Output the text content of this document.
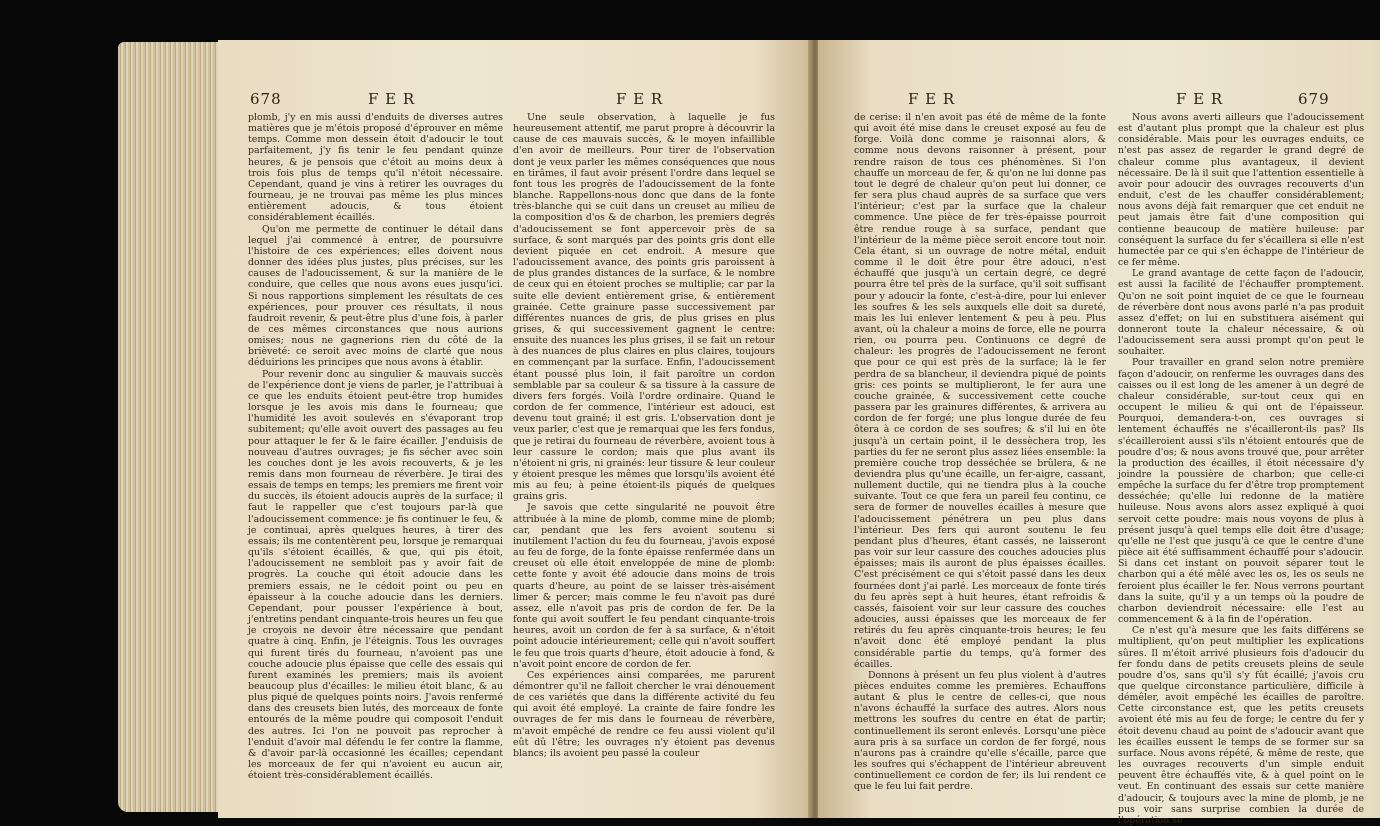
678	F E R	F E R

plomb, j'y en mis aussi d'enduits de diverses autres matières que je m'étois proposé d'éprouver en même temps. Comme mon dessein étoit d'adoucir le tout parfaitement, j'y fis tenir le feu pendant quinze heures, & je pensois que c'étoit au moins deux à trois fois plus de temps qu'il n'étoit nécessaire. Cependant, quand je vins à retirer les ouvrages du fourneau, je ne trouvai pas même les plus minces entièrement adoucis, & tous étoient considérablement écaillés.

Qu'on me permette de continuer le détail dans lequel j'ai commencé à entrer, de poursuivre l'histoire de ces expériences; elles doivent nous donner des idées plus justes, plus précises, sur les causes de l'adoucissement, & sur la manière de le conduire, que celles que nous avons eues jusqu'ici. Si nous rapportions simplement les résultats de ces expériences, pour prouver ces résultats, il nous faudroit revenir, & peut-être plus d'une fois, à parler de ces mêmes circonstances que nous aurions omises; nous ne gagnerions rien du côté de la brièveté: ce seroit avec moins de clarté que nous déduirions les principes que nous avons à établir.

Pour revenir donc au singulier & mauvais succès de l'expérience dont je viens de parler, je l'attribuai à ce que les enduits étoient peut-être trop humides lorsque je les avois mis dans le fourneau; que l'humidité les avoit soulevés en s'évaporant trop subitement; qu'elle avoit ouvert des passages au feu pour attaquer le fer & le faire écailler. J'enduisis de nouveau d'autres ouvrages; je fis sécher avec soin les couches dont je les avois recouverts, & je les remis dans mon fourneau de réverbère. Je tirai des essais de temps en temps; les premiers me firent voir du succès, ils étoient adoucis auprès de la surface; il faut le rappeller que c'est toujours par-là que l'adoucissement commence: je fis continuer le feu, & je continuai, après quelques heures, à tirer des essais; ils me contentèrent peu, lorsque je remarquai qu'ils s'étoient écaillés, & que, qui pis étoit, l'adoucissement ne sembloit pas y avoir fait de progrès. La couche qui étoit adoucie dans les premiers essais, ne le cédoit point ou peu en épaisseur à la couche adoucie dans les derniers. Cependant, pour pousser l'expérience à bout, j'entretins pendant cinquante-trois heures un feu que je croyois ne devoir être nécessaire que pendant quatre à cinq. Enfin, je l'éteignis. Tous les ouvrages qui furent tirés du fourneau, n'avoient pas une couche adoucie plus épaisse que celle des essais qui furent examinés les premiers; mais ils avoient beaucoup plus d'écailles: le milieu étoit blanc, & au plus piqué de quelques points noirs. J'avois renfermé dans des creusets bien lutés, des morceaux de fonte entourés de la même poudre qui composoit l'enduit des autres. Ici l'on ne pouvoit pas reprocher à l'enduit d'avoir mal défendu le fer contre la flamme, & d'avoir par-là occasionné les écailles; cependant les morceaux de fer qui n'avoient eu aucun air, étoient très-considérablement écaillés.

Une seule observation, à laquelle je fus heureusement attentif, me parut propre à découvrir la cause de ces mauvais succès, & le moyen infaillible d'en avoir de meilleurs. Pour tirer de l'observation dont je veux parler les mêmes conséquences que nous en tirâmes, il faut avoir présent l'ordre dans lequel se font tous les progrès de l'adoucissement de la fonte blanche. Rappellons-nous donc que dans de la fonte très-blanche qui se cuit dans un creuset au milieu de la composition d'os & de charbon, les premiers degrés d'adoucissement se font appercevoir près de sa surface, & sont marqués par des points gris dont elle devient piquée en cet endroit. A mesure que l'adoucissement avance, des points gris paroissent à de plus grandes distances de la surface, & le nombre de ceux qui en étoient proches se multiplie; car par la suite elle devient entièrement grise, & entièrement grainée. Cette grainure passe successivement par différentes nuances de gris, de plus grises en plus grises, & qui successivement gagnent le centre: ensuite des nuances les plus grises, il se fait un retour à des nuances de plus claires en plus claires, toujours en commençant par la surface. Enfin, l'adoucissement étant poussé plus loin, il fait paroître un cordon semblable par sa couleur & sa tissure à la cassure de divers fers forgés. Voilà l'ordre ordinaire. Quand le cordon de fer commence, l'intérieur est adouci, est devenu tout grainé; il est gris. L'observation dont je veux parler, c'est que je remarquai que les fers fondus, que je retirai du fourneau de réverbère, avoient tous à leur cassure le cordon; mais que plus avant ils n'étoient ni gris, ni grainés: leur tissure & leur couleur y étoient presque les mêmes que lorsqu'ils avoient été mis au feu; à peine étoient-ils piqués de quelques grains gris.

Je savois que cette singularité ne pouvoit être attribuée à la mine de plomb, comme mine de plomb; car, pendant que les fers avoient soutenu si inutilement l'action du feu du fourneau, j'avois exposé au feu de forge, de la fonte épaisse renfermée dans un creuset où elle étoit enveloppée de mine de plomb: cette fonte y avoit été adoucie dans moins de trois quarts d'heure, au point de se laisser très-aisément limer & percer; mais comme le feu n'avoit pas duré assez, elle n'avoit pas pris de cordon de fer. De la fonte qui avoit souffert le feu pendant cinquante-trois heures, avoit un cordon de fer à sa surface, & n'étoit point adoucie intérieurement; celle qui n'avoit souffert le feu que trois quarts d'heure, étoit adoucie à fond, & n'avoit point encore de cordon de fer.

Ces expériences ainsi comparées, me parurent démontrer qu'il ne falloit chercher le vrai dénouement de ces variétés que dans la différente activité du feu qui avoit été employé. La crainte de faire fondre les ouvrages de fer mis dans le fourneau de réverbère, m'avoit empêché de rendre ce feu aussi violent qu'il eût dû l'être; les ouvrages n'y étoient pas devenus blancs; ils avoient peu passé la couleur

F E R	F E R	679

de cerise: il n'en avoit pas été de même de la fonte qui avoit été mise dans le creuset exposé au feu de forge. Voilà donc comme je raisonnai alors, & comme nous devons raisonner à présent, pour rendre raison de tous ces phénomènes. Si l'on chauffe un morceau de fer, & qu'on ne lui donne pas tout le degré de chaleur qu'on peut lui donner, ce fer sera plus chaud auprès de sa surface que vers l'intérieur; c'est par la surface que la chaleur commence. Une pièce de fer très-épaisse pourroit être rendue rouge à sa surface, pendant que l'intérieur de la même pièce seroit encore tout noir. Cela étant, si un ouvrage de notre métal, enduit comme il le doit être pour être adouci, n'est échauffé que jusqu'à un certain degré, ce degré pourra être tel près de la surface, qu'il soit suffisant pour y adoucir la fonte, c'est-à-dire, pour lui enlever les soufres & les sels auxquels elle doit sa dureté, mais les lui enlever lentement & peu à peu. Plus avant, où la chaleur a moins de force, elle ne pourra rien, ou pourra peu. Continuons ce degré de chaleur: les progrès de l'adoucissement ne feront que pour ce qui est près de la surface; là le fer perdra de sa blancheur, il deviendra piqué de points gris: ces points se multiplieront, le fer aura une couche grainée, & successivement cette couche passera par les grainures différentes, & arrivera au cordon de fer forgé; une plus longue durée de feu ôtera à ce cordon de ses soufres; & s'il lui en ôte jusqu'à un certain point, il le dessèchera trop, les parties du fer ne seront plus assez liées ensemble: la première couche trop desséchée se brûlera, & ne deviendra plus qu'une écaille, un fer-aigre, cassant, nullement ductile, qui ne tiendra plus à la couche suivante. Tout ce que fera un pareil feu continu, ce sera de former de nouvelles écailles à mesure que l'adoucissement pénétrera un peu plus dans l'intérieur. Des fers qui auront soutenu le feu pendant plus d'heures, étant cassés, ne laisseront pas voir sur leur cassure des couches adoucies plus épaisses; mais ils auront de plus épaisses écailles. C'est précisément ce qui s'étoit passé dans les deux fournées dont j'ai parlé. Les morceaux de fonte tirés du feu après sept à huit heures, étant refroidis & cassés, faisoient voir sur leur cassure des couches adoucies, aussi épaisses que les morceaux de fer retirés du feu après cinquante-trois heures; le feu n'avoit donc été employé pendant la plus considérable partie du temps, qu'à former des écailles.

Donnons à présent un feu plus violent à d'autres pièces enduites comme les premières. Echauffons autant & plus le centre de celles-ci, que nous n'avons échauffé la surface des autres. Alors nous mettrons les soufres du centre en état de partir; continuellement ils seront enlevés. Lorsqu'une pièce aura pris à sa surface un cordon de fer forgé, nous n'aurons pas à craindre qu'elle s'écaille, parce que les soufres qui s'échappent de l'intérieur abreuvent continuellement ce cordon de fer; ils lui rendent ce que le feu lui fait perdre.

Nous avons averti ailleurs que l'adoucissement est d'autant plus prompt que la chaleur est plus considérable. Mais pour les ouvrages enduits, ce n'est pas assez de regarder le grand degré de chaleur comme plus avantageux, il devient nécessaire. De là il suit que l'attention essentielle à avoir pour adoucir des ouvrages recouverts d'un enduit, c'est de les chauffer considérablement; nous avons déjà fait remarquer que cet enduit ne peut jamais être fait d'une composition qui contienne beaucoup de matière huileuse: par conséquent la surface du fer s'écaillera si elle n'est humectée par ce qui s'en échappe de l'intérieur de ce fer même.

Le grand avantage de cette façon de l'adoucir, est aussi la facilité de l'échauffer promptement. Qu'on ne soit point inquiet de ce que le fourneau de réverbère dont nous avons parlé n'a pas produit assez d'effet; on lui en substituera aisément qui donneront toute la chaleur nécessaire, & où l'adoucissement sera aussi prompt qu'on peut le souhaiter.

Pour travailler en grand selon notre première façon d'adoucir, on renferme les ouvrages dans des caisses ou il est long de les amener à un degré de chaleur considérable, sur-tout ceux qui en occupent le milieu & qui ont de l'épaisseur. Pourquoi, demandera-t-on, ces ouvrages si lentement échauffés ne s'écailleront-ils pas? Ils s'écailleroient aussi s'ils n'étoient entourés que de poudre d'os; & nous avons trouvé que, pour arrêter la production des écailles, il étoit nécessaire d'y joindre la poussière de charbon; que celle-ci empêche la surface du fer d'être trop promptement desséchée; qu'elle lui redonne de la matière huileuse. Nous avons alors assez expliqué à quoi servoit cette poudre: mais nous voyons de plus à présent jusqu'à quel temps elle doit être d'usage; qu'elle ne l'est que jusqu'à ce que le centre d'une pièce ait été suffisamment échauffé pour s'adoucir. Si dans cet instant on pouvoit séparer tout le charbon qui a été mêlé avec les os, les os seuls ne feroient plus écailler le fer. Nous verrons pourtant dans la suite, qu'il y a un temps où la poudre de charbon deviendroit nécessaire: elle l'est au commencement & à la fin de l'opération.

Ce n'est qu'à mesure que les faits différens se multiplient, qu'on peut multiplier les explications sûres. Il m'étoit arrivé plusieurs fois d'adoucir du fer fondu dans de petits creusets pleins de seule poudre d'os, sans qu'il s'y fût écaillé; j'avois cru que quelque circonstance particulière, difficile à démêler, avoit empêché les écailles de paroître. Cette circonstance est, que les petits creusets avoient été mis au feu de forge; le centre du fer y étoit devenu chaud au point de s'adoucir avant que les écailles eussent le temps de se former sur sa surface. Nous avons répété, & même de reste, que les ouvrages recouverts d'un simple enduit peuvent être échauffés vite, & à quel point on le veut. En continuant des essais sur cette manière d'adoucir, & toujours avec la mine de plomb, je ne pus voir sans surprise combien la durée de l'opération se
